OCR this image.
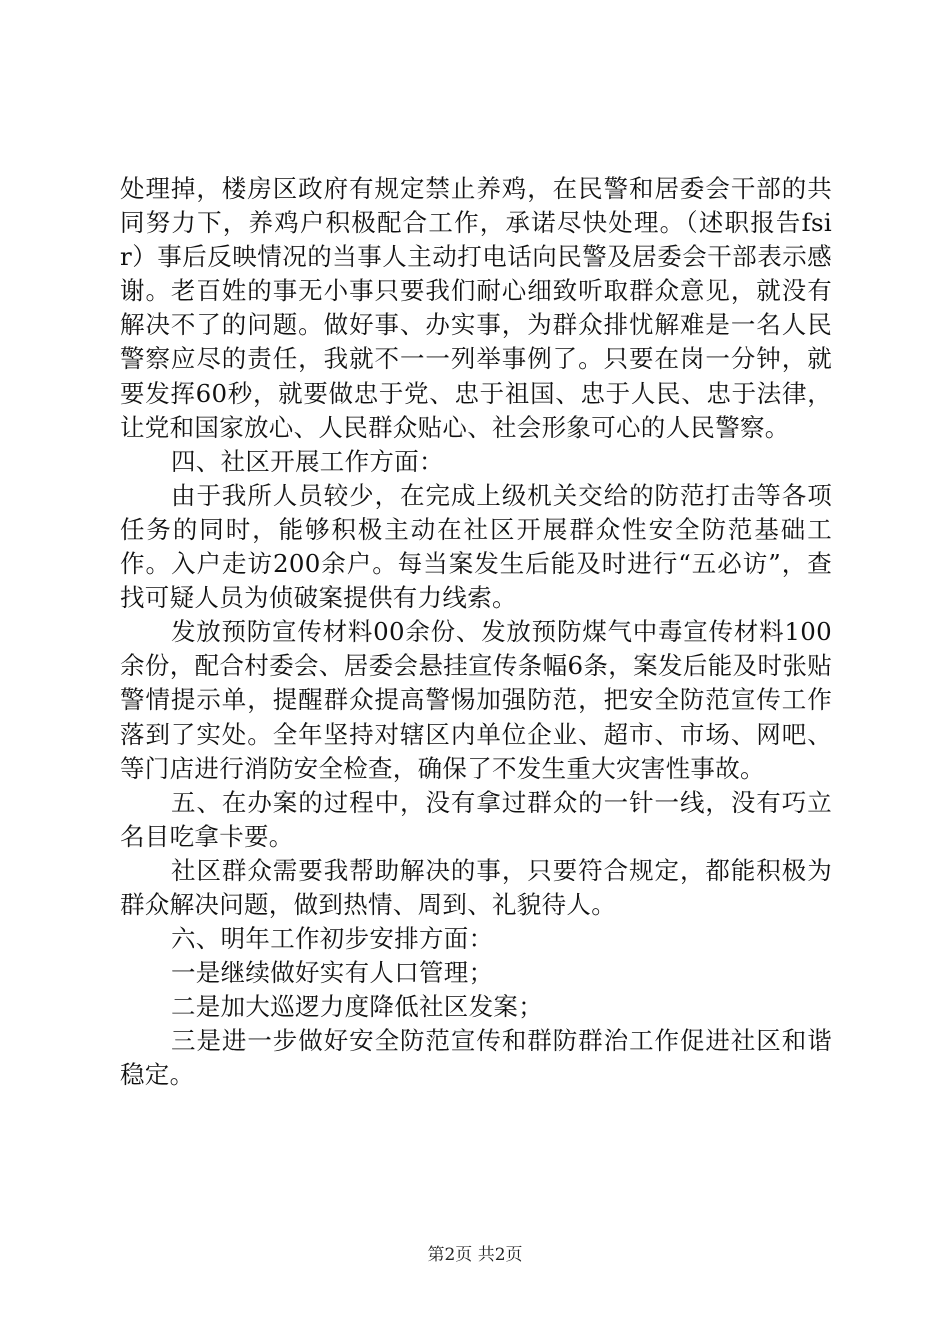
处理掉，楼房区政府有规定禁止养鸡，在民警和居委会干部的共同努力下，养鸡户积极配合工作，承诺尽快处理。（述职报告fsir）事后反映情况的当事人主动打电话向民警及居委会干部表示感谢。老百姓的事无小事只要我们耐心细致听取群众意见，就没有解决不了的问题。做好事、办实事，为群众排忧解难是一名人民警察应尽的责任，我就不一一列举事例了。只要在岗一分钟，就要发挥60秒，就要做忠于党、忠于祖国、忠于人民、忠于法律，让党和国家放心、人民群众贴心、社会形象可心的人民警察。

四、社区开展工作方面：

由于我所人员较少，在完成上级机关交给的防范打击等各项任务的同时，能够积极主动在社区开展群众性安全防范基础工作。入户走访200余户。每当案发生后能及时进行“五必访”，查找可疑人员为侦破案提供有力线索。

发放预防宣传材料00余份、发放预防煤气中毒宣传材料100余份，配合村委会、居委会悬挂宣传条幅6条，案发后能及时张贴警情提示单，提醒群众提高警惕加强防范，把安全防范宣传工作落到了实处。全年坚持对辖区内单位企业、超市、市场、网吧、等门店进行消防安全检查，确保了不发生重大灾害性事故。

五、在办案的过程中，没有拿过群众的一针一线，没有巧立名目吃拿卡要。

社区群众需要我帮助解决的事，只要符合规定，都能积极为群众解决问题，做到热情、周到、礼貌待人。

六、明年工作初步安排方面：

一是继续做好实有人口管理；

二是加大巡逻力度降低社区发案；

三是进一步做好安全防范宣传和群防群治工作促进社区和谐稳定。

第2页 共2页
